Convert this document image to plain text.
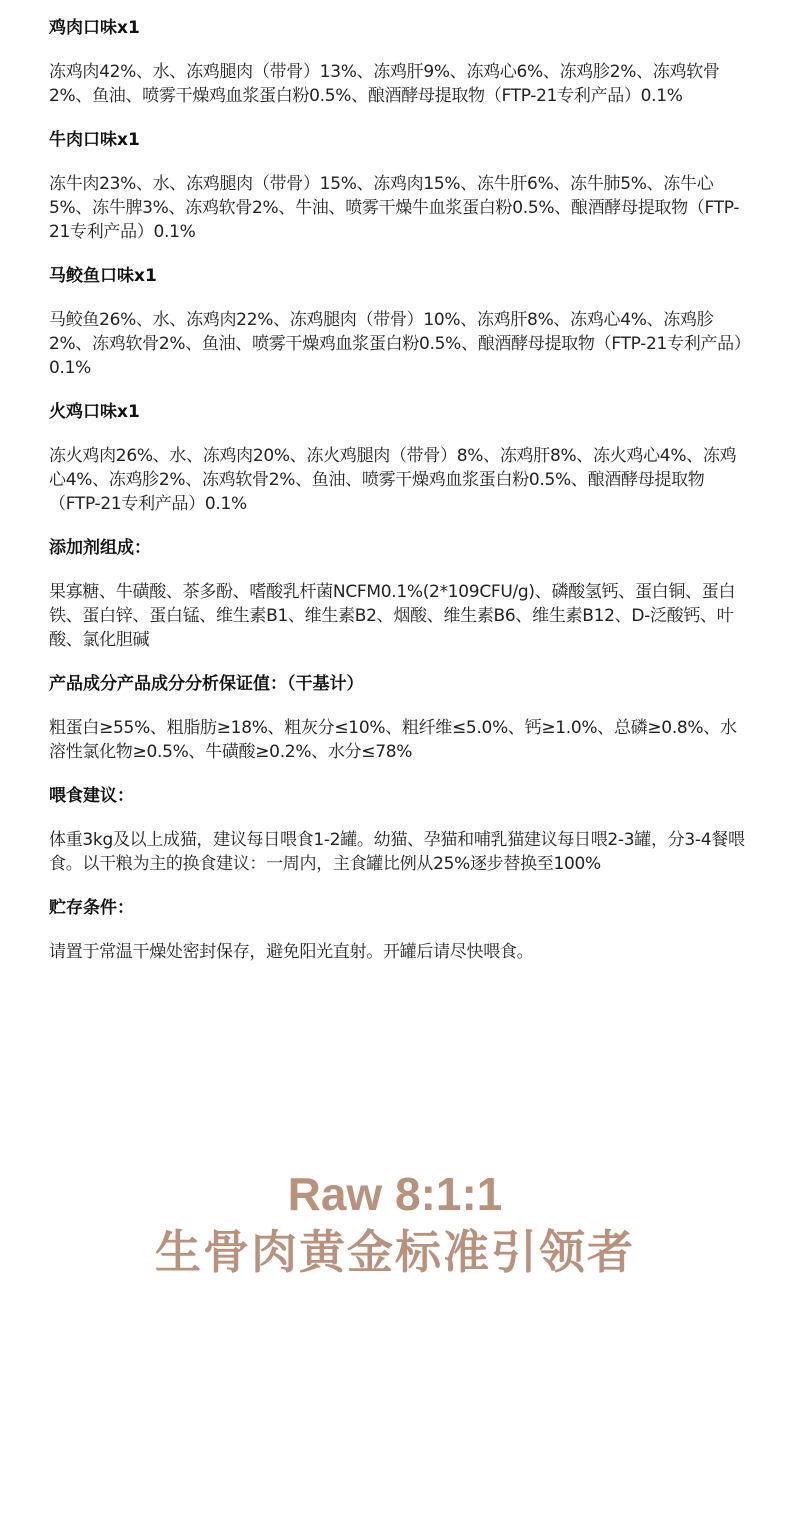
鸡肉口味x1

冻鸡肉42%、水、冻鸡腿肉（带骨）13%、冻鸡肝9%、冻鸡心6%、冻鸡胗2%、冻鸡软骨2%、鱼油、喷雾干燥鸡血浆蛋白粉0.5%、酿酒酵母提取物（FTP-21专利产品）0.1%

牛肉口味x1

冻牛肉23%、水、冻鸡腿肉（带骨）15%、冻鸡肉15%、冻牛肝6%、冻牛肺5%、冻牛心5%、冻牛脾3%、冻鸡软骨2%、牛油、喷雾干燥牛血浆蛋白粉0.5%、酿酒酵母提取物（FTP-21专利产品）0.1%

马鲛鱼口味x1

马鲛鱼26%、水、冻鸡肉22%、冻鸡腿肉（带骨）10%、冻鸡肝8%、冻鸡心4%、冻鸡胗2%、冻鸡软骨2%、鱼油、喷雾干燥鸡血浆蛋白粉0.5%、酿酒酵母提取物（FTP-21专利产品）0.1%

火鸡口味x1

冻火鸡肉26%、水、冻鸡肉20%、冻火鸡腿肉（带骨）8%、冻鸡肝8%、冻火鸡心4%、冻鸡心4%、冻鸡胗2%、冻鸡软骨2%、鱼油、喷雾干燥鸡血浆蛋白粉0.5%、酿酒酵母提取物（FTP-21专利产品）0.1%

添加剂组成：

果寡糖、牛磺酸、茶多酚、嗜酸乳杆菌NCFM0.1%(2*109CFU/g)、磷酸氢钙、蛋白铜、蛋白铁、蛋白锌、蛋白锰、维生素B1、维生素B2、烟酸、维生素B6、维生素B12、D-泛酸钙、叶酸、氯化胆碱

产品成分产品成分分析保证值：（干基计）

粗蛋白≥55%、粗脂肪≥18%、粗灰分≤10%、粗纤维≤5.0%、钙≥1.0%、总磷≥0.8%、水溶性氯化物≥0.5%、牛磺酸≥0.2%、水分≤78%

喂食建议：

体重3kg及以上成猫，建议每日喂食1-2罐。幼猫、孕猫和哺乳猫建议每日喂2-3罐，分3-4餐喂食。以干粮为主的换食建议：一周内，主食罐比例从25%逐步替换至100%

贮存条件：

请置于常温干燥处密封保存，避免阳光直射。开罐后请尽快喂食。

Raw 8:1:1

生骨肉黄金标准引领者
